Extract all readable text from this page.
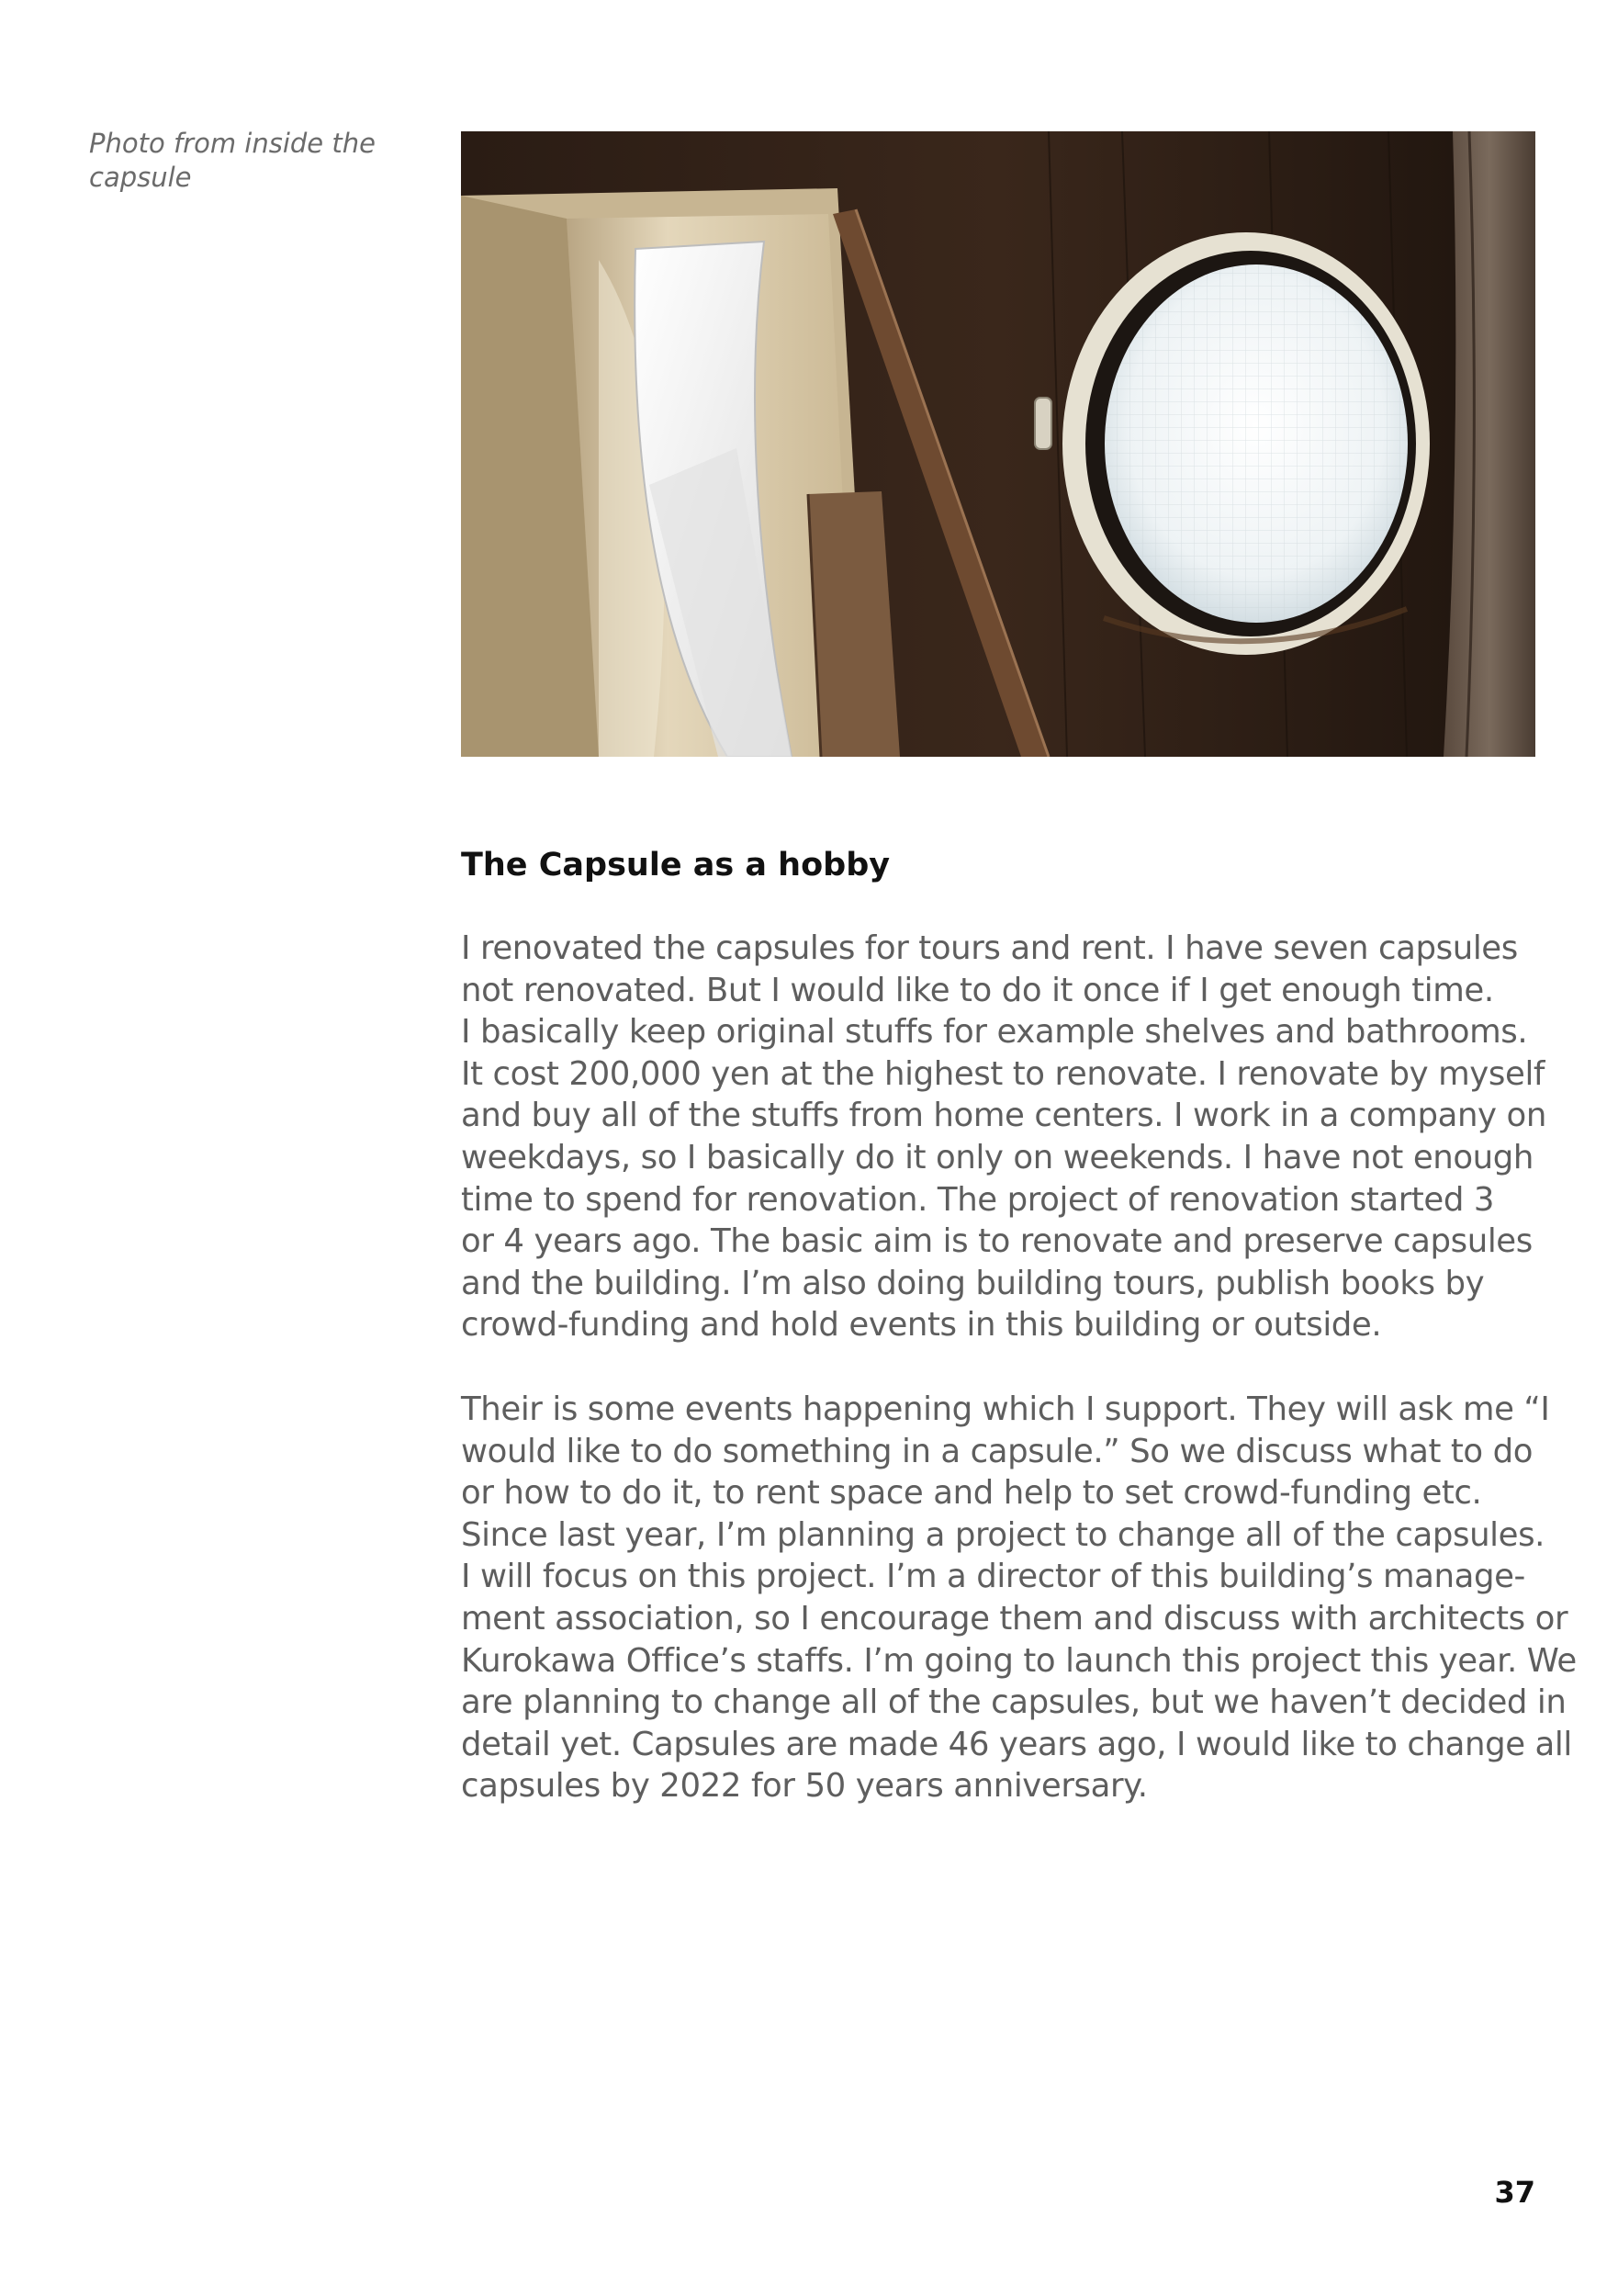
Photo from inside the
capsule

The Capsule as a hobby

I renovated the capsules for tours and rent. I have seven capsules
not renovated. But I would like to do it once if I get enough time.
I basically keep original stuffs for example shelves and bathrooms.
It cost 200,000 yen at the highest to renovate. I renovate by myself
and buy all of the stuffs from home centers. I work in a company on
weekdays, so I basically do it only on weekends. I have not enough
time to spend for renovation. The project of renovation started 3
or 4 years ago. The basic aim is to renovate and preserve capsules
and the building. I’m also doing building tours, publish books by
crowd-funding and hold events in this building or outside.

Their is some events happening which I support. They will ask me “I
would like to do something in a capsule.” So we discuss what to do
or how to do it, to rent space and help to set crowd-funding etc.
Since last year, I’m planning a project to change all of the capsules.
I will focus on this project. I’m a director of this building’s manage-
ment association, so I encourage them and discuss with architects or
Kurokawa Office’s staffs. I’m going to launch this project this year. We
are planning to change all of the capsules, but we haven’t decided in
detail yet. Capsules are made 46 years ago, I would like to change all
capsules by 2022 for 50 years anniversary.

37
